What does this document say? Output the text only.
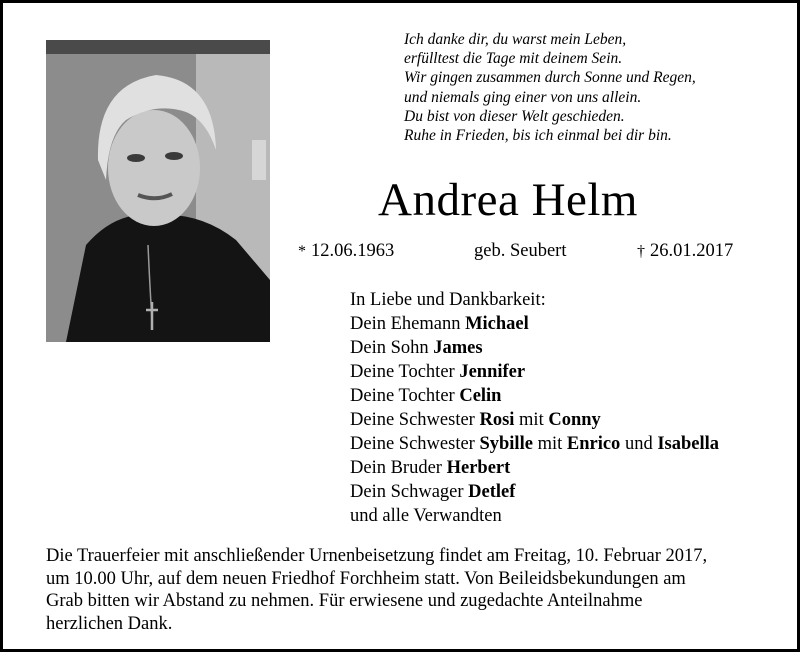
Ich danke dir, du warst mein Leben,
erfülltest die Tage mit deinem Sein.
Wir gingen zusammen durch Sonne und Regen,
und niemals ging einer von uns allein.
Du bist von dieser Welt geschieden.
Ruhe in Frieden, bis ich einmal bei dir bin.
Andrea Helm
* 12.06.1963	geb. Seubert	† 26.01.2017
In Liebe und Dankbarkeit:
Dein Ehemann Michael
Dein Sohn James
Deine Tochter Jennifer
Deine Tochter Celin
Deine Schwester Rosi mit Conny
Deine Schwester Sybille mit Enrico und Isabella
Dein Bruder Herbert
Dein Schwager Detlef
und alle Verwandten
Die Trauerfeier mit anschließender Urnenbeisetzung findet am Freitag, 10. Februar 2017,
um 10.00 Uhr, auf dem neuen Friedhof Forchheim statt. Von Beileidsbekundungen am
Grab bitten wir Abstand zu nehmen. Für erwiesene und zugedachte Anteilnahme
herzlichen Dank.
